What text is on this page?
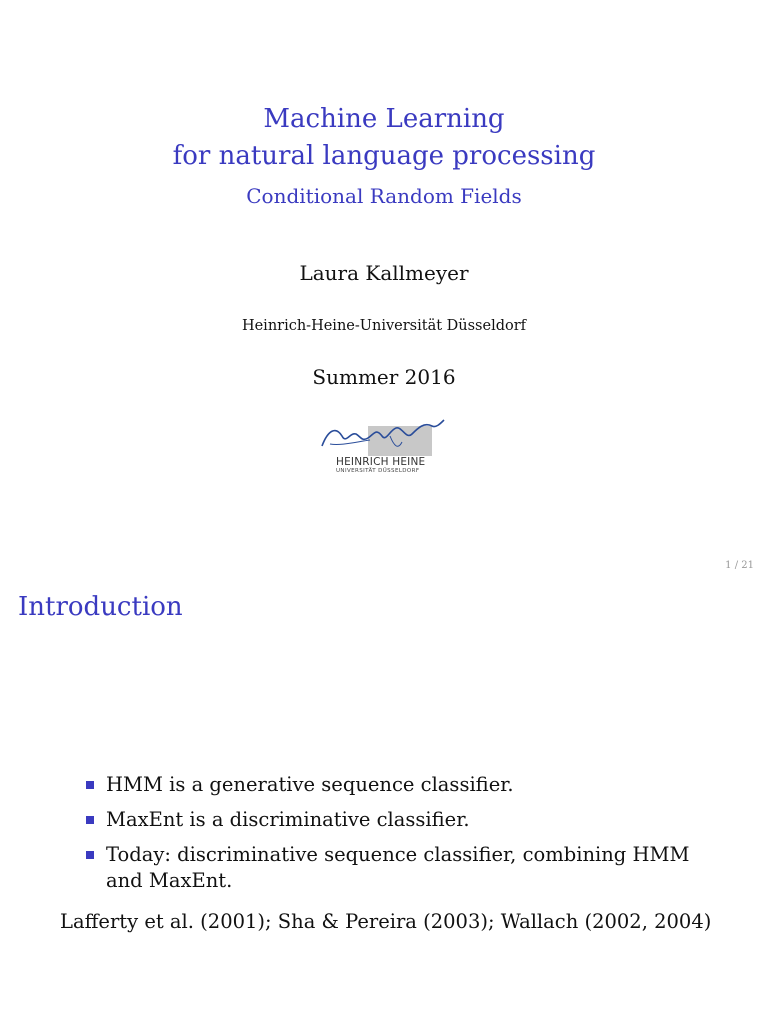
Machine Learning
for natural language processing
Conditional Random Fields
Laura Kallmeyer
Heinrich-Heine-Universität Düsseldorf
Summer 2016
HEINRICH HEINE
UNIVERSITÄT DÜSSELDORF
1 / 21
Introduction
HMM is a generative sequence classifier.
MaxEnt is a discriminative classifier.
Today: discriminative sequence classifier, combining HMM and MaxEnt.
Lafferty et al. (2001); Sha & Pereira (2003); Wallach (2002, 2004)
